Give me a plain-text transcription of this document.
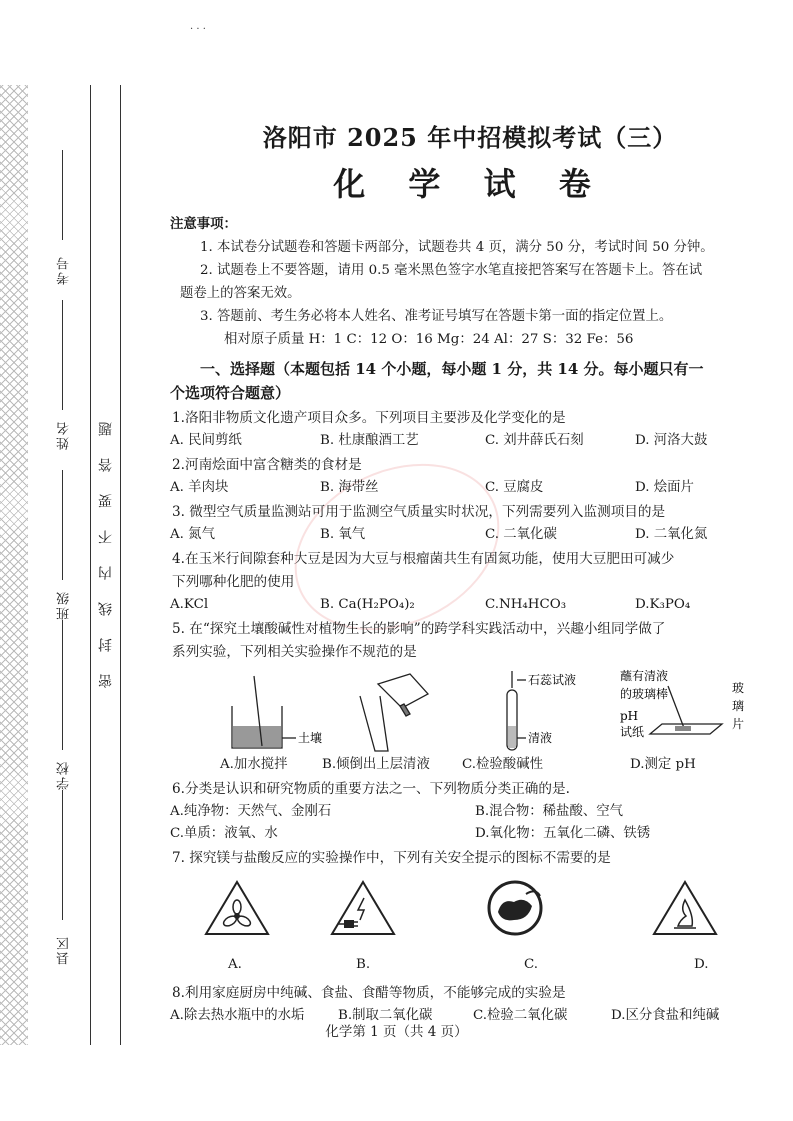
考号
姓名
班级
学校
县区
密封线内不要答题
· · ·
洛阳市 2025 年中招模拟考试（三）
化 学 试 卷

注意事项：

1. 本试卷分试题卷和答题卡两部分，试题卷共 4 页，满分 50 分，考试时间 50 分钟。

2. 试题卷上不要答题，请用 0.5 毫米黑色签字水笔直接把答案写在答题卡上。答在试

题卷上的答案无效。

3. 答题前、考生务必将本人姓名、准考证号填写在答题卡第一面的指定位置上。

相对原子质量 H：1 C：12 O：16 Mg：24 Al：27 S：32 Fe：56

一、选择题（本题包括 14 个小题，每小题 1 分，共 14 分。每小题只有一

个选项符合题意）

1.洛阳非物质文化遗产项目众多。下列项目主要涉及化学变化的是

A. 民间剪纸	B. 杜康酿酒工艺	C. 刘井薛氏石刻	D. 河洛大鼓

2.河南烩面中富含糖类的食材是

A. 羊肉块	B. 海带丝	C. 豆腐皮	D. 烩面片

3. 微型空气质量监测站可用于监测空气质量实时状况，下列需要列入监测项目的是

A. 氮气	B. 氧气	C. 二氧化碳	D. 二氧化氮

4.在玉米行间隙套种大豆是因为大豆与根瘤菌共生有固氮功能，使用大豆肥田可减少

下列哪种化肥的使用

A.KCl	B. Ca(H₂PO₄)₂	C.NH₄HCO₃	D.K₃PO₄

5. 在“探究土壤酸碱性对植物生长的影响”的跨学科实践活动中，兴趣小组同学做了

系列实验，下列相关实验操作不规范的是

土壤
石蕊试液
清液
蘸有清液
的玻璃棒
pH
试纸
玻
璃
片
A.加水搅拌	B.倾倒出上层清液	C.检验酸碱性	D.测定 pH

6.分类是认识和研究物质的重要方法之一、下列物质分类正确的是.

A.纯净物：天然气、金刚石	B.混合物：稀盐酸、空气
C.单质：液氧、水	D.氧化物：五氧化二磷、铁锈

7. 探究镁与盐酸反应的实验操作中，下列有关安全提示的图标不需要的是

A.	B.	C.	D.

8.利用家庭厨房中纯碱、食盐、食醋等物质，不能够完成的实验是

A.除去热水瓶中的水垢	B.制取二氧化碳	C.检验二氧化碳	D.区分食盐和纯碱
化学第 1 页（共 4 页）
